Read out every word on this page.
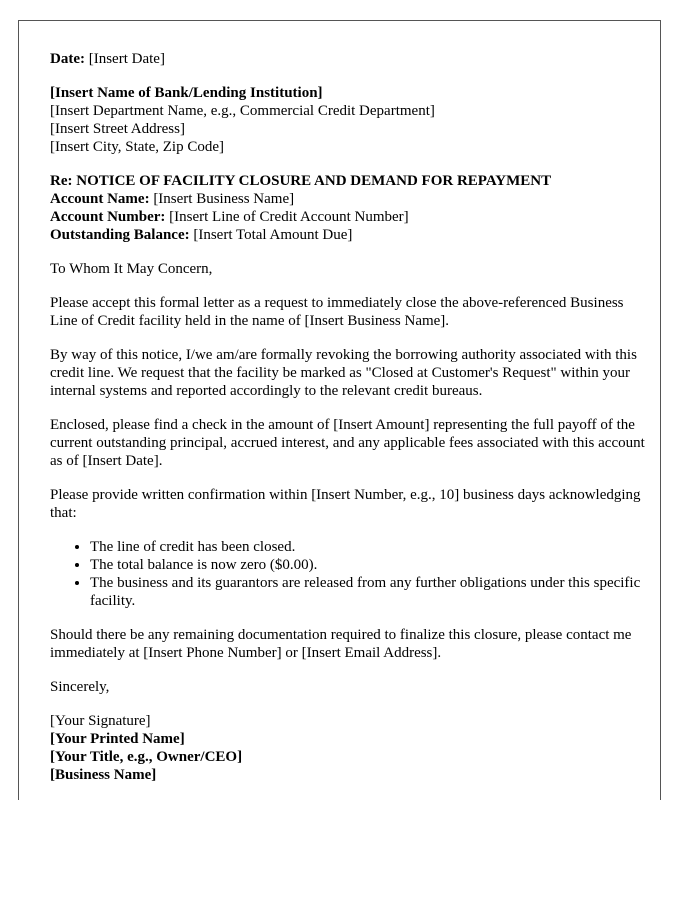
Date: [Insert Date]

[Insert Name of Bank/Lending Institution]

[Insert Department Name, e.g., Commercial Credit Department]

[Insert Street Address]

[Insert City, State, Zip Code]

Re: NOTICE OF FACILITY CLOSURE AND DEMAND FOR REPAYMENT

Account Name: [Insert Business Name]

Account Number: [Insert Line of Credit Account Number]

Outstanding Balance: [Insert Total Amount Due]

To Whom It May Concern,

Please accept this formal letter as a request to immediately close the above-referenced Business Line of Credit facility held in the name of [Insert Business Name].

By way of this notice, I/we am/are formally revoking the borrowing authority associated with this credit line. We request that the facility be marked as "Closed at Customer's Request" within your internal systems and reported accordingly to the relevant credit bureaus.

Enclosed, please find a check in the amount of [Insert Amount] representing the full payoff of the current outstanding principal, accrued interest, and any applicable fees associated with this account as of [Insert Date].

Please provide written confirmation within [Insert Number, e.g., 10] business days acknowledging that:

• The line of credit has been closed.
• The total balance is now zero ($0.00).
• The business and its guarantors are released from any further obligations under this specific facility.

Should there be any remaining documentation required to finalize this closure, please contact me immediately at [Insert Phone Number] or [Insert Email Address].

Sincerely,

[Your Signature]

[Your Printed Name]

[Your Title, e.g., Owner/CEO]

[Business Name]
